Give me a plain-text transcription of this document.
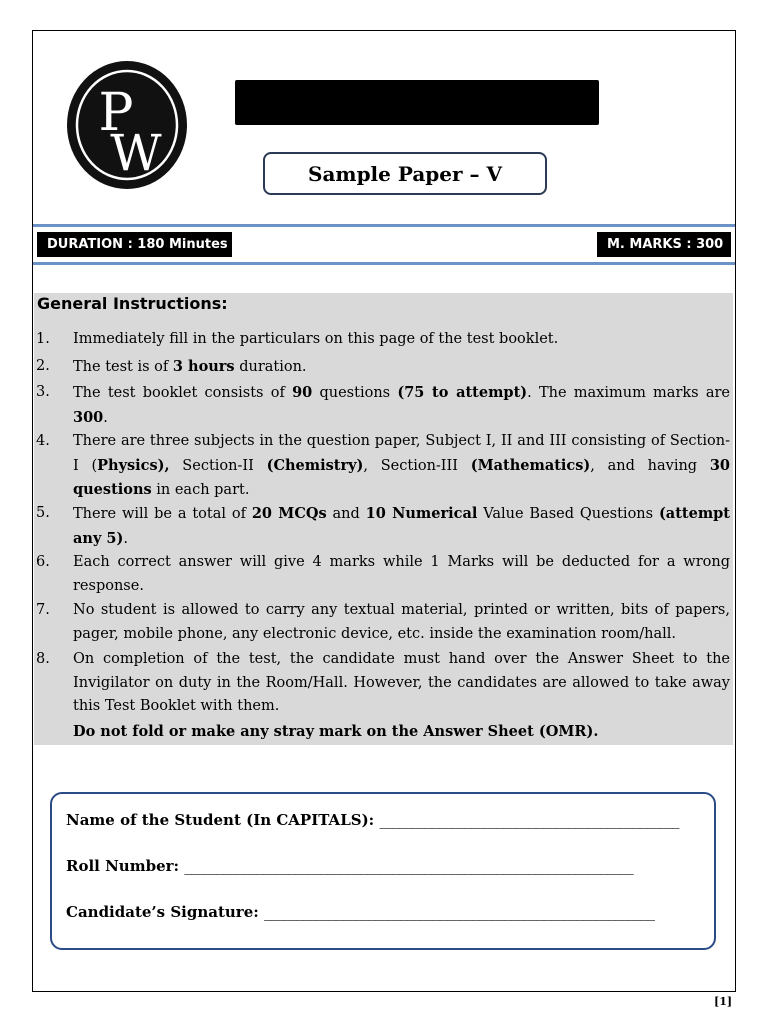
P
W	Sample Paper – V
DURATION : 180 Minutes	M. MARKS : 300
General Instructions:
1. Immediately fill in the particulars on this page of the test booklet.
2. The test is of 3 hours duration.
3. The test booklet consists of 90 questions (75 to attempt). The maximum marks are 300.
4. There are three subjects in the question paper, Subject I, II and III consisting of Section-I (Physics), Section-II (Chemistry), Section-III (Mathematics), and having 30 questions in each part.
5. There will be a total of 20 MCQs and 10 Numerical Value Based Questions (attempt any 5).
6. Each correct answer will give 4 marks while 1 Marks will be deducted for a wrong response.
7. No student is allowed to carry any textual material, printed or written, bits of papers, pager, mobile phone, any electronic device, etc. inside the examination room/hall.
8. On completion of the test, the candidate must hand over the Answer Sheet to the Invigilator on duty in the Room/Hall. However, the candidates are allowed to take away this Test Booklet with them.
Do not fold or make any stray mark on the Answer Sheet (OMR).
Name of the Student (In CAPITALS): ______________________________________________
Roll Number: _____________________________________________________________________
Candidate’s Signature: ____________________________________________________________
[1]
